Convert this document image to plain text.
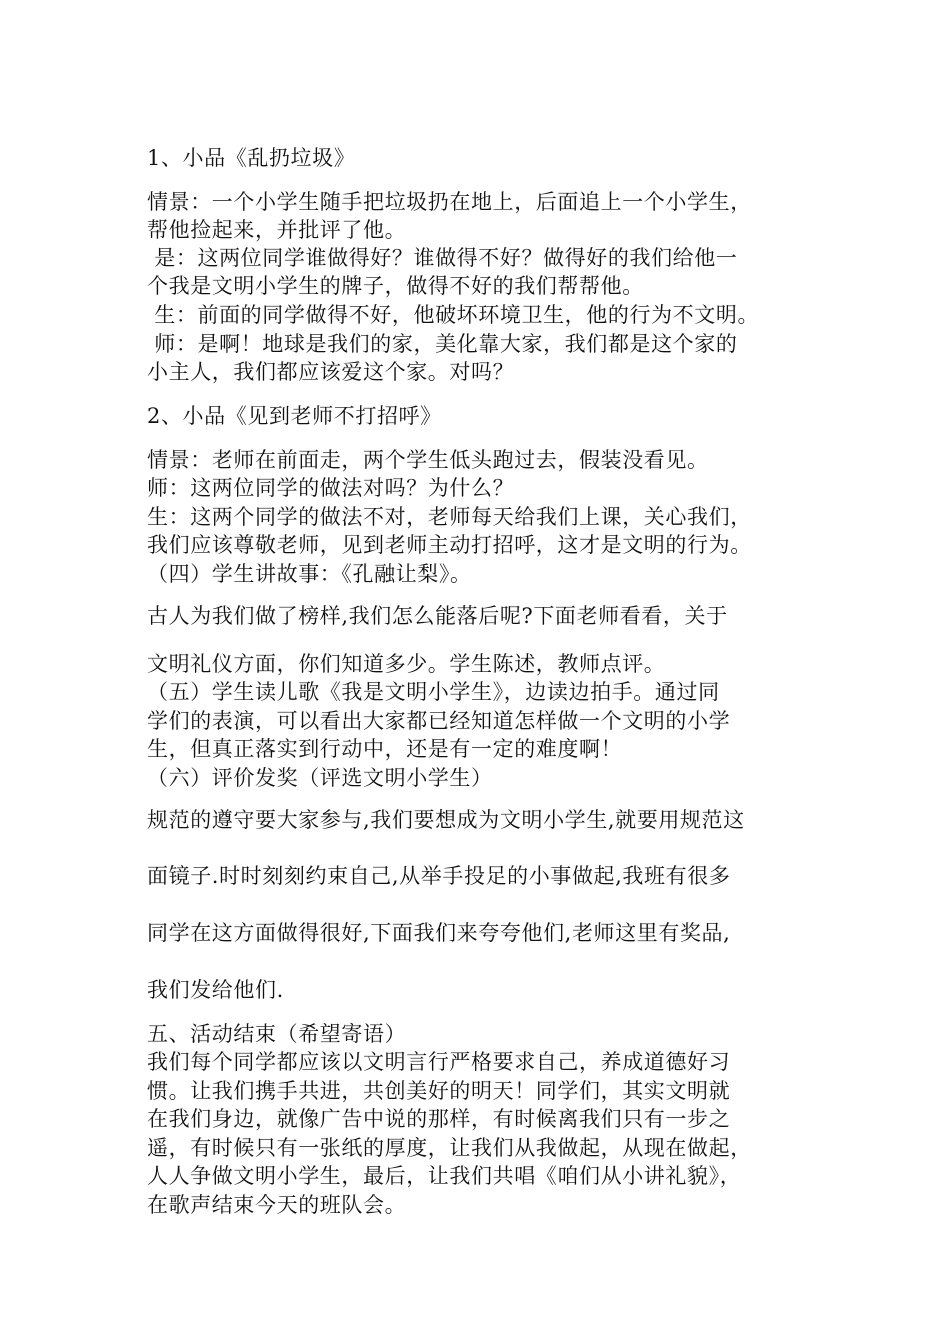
1、小品《乱扔垃圾》

情景：一个小学生随手把垃圾扔在地上，后面追上一个小学生，

帮他捡起来，并批评了他。

是：这两位同学谁做得好？谁做得不好？做得好的我们给他一

个我是文明小学生的牌子，做得不好的我们帮帮他。

生：前面的同学做得不好，他破坏环境卫生，他的行为不文明。

师：是啊！地球是我们的家，美化靠大家，我们都是这个家的

小主人，我们都应该爱这个家。对吗？

2、小品《见到老师不打招呼》

情景：老师在前面走，两个学生低头跑过去，假装没看见。

师：这两位同学的做法对吗？为什么？

生：这两个同学的做法不对，老师每天给我们上课，关心我们，

我们应该尊敬老师，见到老师主动打招呼，这才是文明的行为。

（四）学生讲故事：《孔融让梨》。

古人为我们做了榜样,我们怎么能落后呢?下面老师看看，关于

文明礼仪方面，你们知道多少。学生陈述，教师点评。

（五）学生读儿歌《我是文明小学生》，边读边拍手。通过同

学们的表演，可以看出大家都已经知道怎样做一个文明的小学

生，但真正落实到行动中，还是有一定的难度啊！

（六）评价发奖（评选文明小学生）

规范的遵守要大家参与,我们要想成为文明小学生,就要用规范这

面镜子.时时刻刻约束自己,从举手投足的小事做起,我班有很多

同学在这方面做得很好,下面我们来夸夸他们,老师这里有奖品,

我们发给他们.

五、活动结束（希望寄语）

我们每个同学都应该以文明言行严格要求自己，养成道德好习

惯。让我们携手共进，共创美好的明天！同学们，其实文明就

在我们身边，就像广告中说的那样，有时候离我们只有一步之

遥，有时候只有一张纸的厚度，让我们从我做起，从现在做起，

人人争做文明小学生，最后，让我们共唱《咱们从小讲礼貌》，

在歌声结束今天的班队会。
